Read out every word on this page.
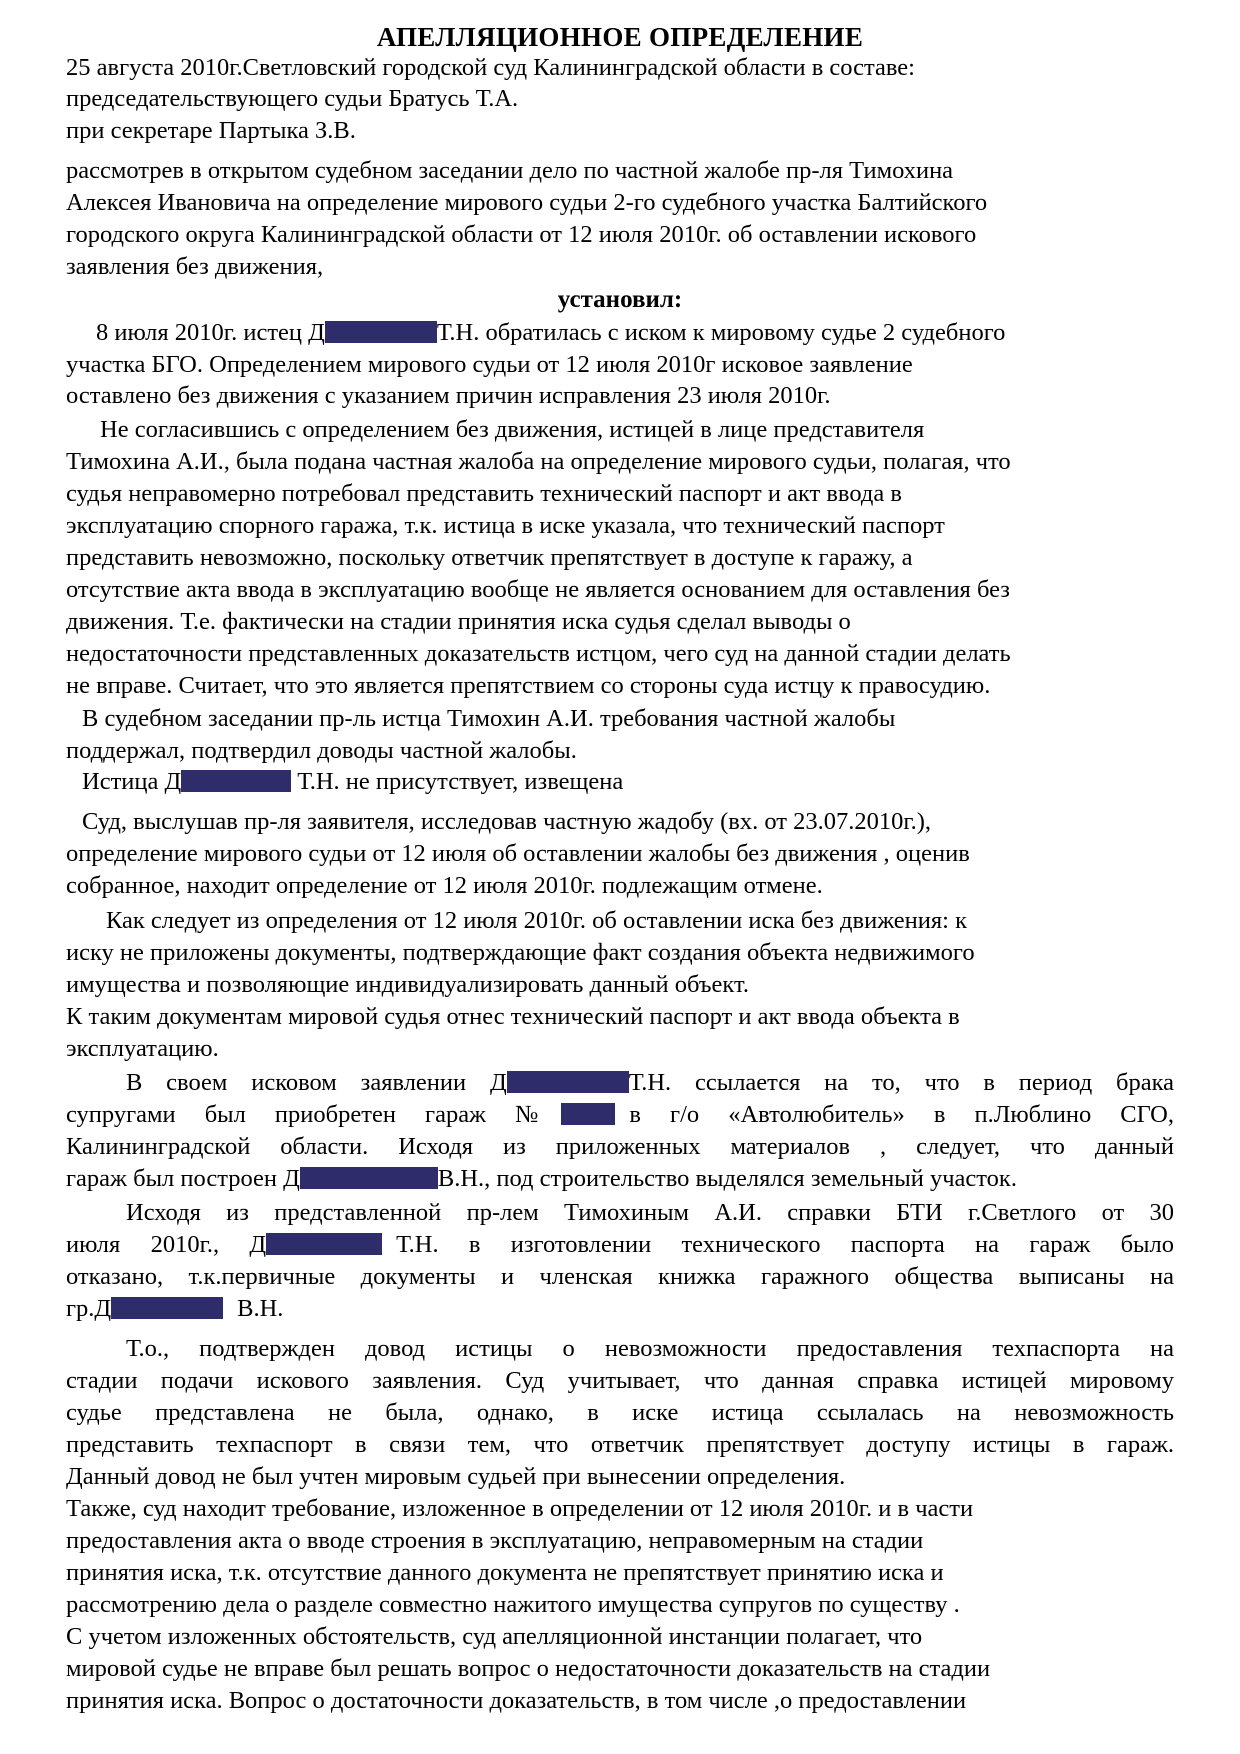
АПЕЛЛЯЦИОННОЕ ОПРЕДЕЛЕНИЕ
25 августа 2010г.Светловский городской суд Калининградской области в составе:
председательствующего судьи Братусь Т.А.
при секретаре Партыка З.В.
рассмотрев в открытом судебном заседании дело по частной жалобе пр-ля Тимохина
Алексея Ивановича на определение мирового судьи 2-го судебного участка Балтийского
городского округа Калининградской области от 12 июля 2010г. об оставлении искового
заявления без движения,
установил:
8 июля 2010г. истец Д	Т.Н. обратилась с иском к мировому судье 2 судебного
участка БГО. Определением мирового судьи от 12 июля 2010г исковое заявление
оставлено без движения с указанием причин исправления 23 июля 2010г.
Не согласившись с определением без движения, истицей в лице представителя
Тимохина А.И., была подана частная жалоба на определение мирового судьи, полагая, что
судья неправомерно потребовал представить технический паспорт и акт ввода в
эксплуатацию спорного гаража, т.к. истица в иске указала, что технический паспорт
представить невозможно, поскольку ответчик препятствует в доступе к гаражу, а
отсутствие акта ввода в эксплуатацию вообще не является основанием для оставления без
движения. Т.е. фактически на стадии принятия иска судья сделал выводы о
недостаточности представленных доказательств истцом, чего суд на данной стадии делать
не вправе. Считает, что это является препятствием со стороны суда истцу к правосудию.
В судебном заседании пр-ль истца Тимохин А.И. требования частной жалобы
поддержал, подтвердил доводы частной жалобы.
Истица Д	Т.Н. не присутствует, извещена
Суд, выслушав пр-ля заявителя, исследовав частную жадобу (вх. от 23.07.2010г.),
определение мирового судьи от 12 июля об оставлении жалобы без движения , оценив
собранное, находит определение от 12 июля 2010г. подлежащим отмене.
Как следует из определения от 12 июля 2010г. об оставлении иска без движения: к
иску не приложены документы, подтверждающие факт создания объекта недвижимого
имущества и позволяющие индивидуализировать данный объект.
К таким документам мировой судья отнес технический паспорт и акт ввода объекта в
эксплуатацию.
В своем исковом заявлении Д	Т.Н. ссылается на то, что в период брака
супругами был приобретен гараж №	в г/о «Автолюбитель» в п.Люблино СГО,
Калининградской области. Исходя из приложенных материалов , следует, что данный
гараж был построен Д	В.Н., под строительство выделялся земельный участок.
Исходя из представленной пр-лем Тимохиным А.И. справки БТИ г.Светлого от 30
июля 2010г., Д	Т.Н. в изготовлении технического паспорта на гараж было
отказано, т.к.первичные документы и членская книжка гаражного общества выписаны на
гр.Д	В.Н.
Т.о., подтвержден довод истицы о невозможности предоставления техпаспорта на
стадии подачи искового заявления. Суд учитывает, что данная справка истицей мировому
судье представлена не была, однако, в иске истица ссылалась на невозможность
представить техпаспорт в связи тем, что ответчик препятствует доступу истицы в гараж.
Данный довод не был учтен мировым судьей при вынесении определения.
Также, суд находит требование, изложенное в определении от 12 июля 2010г. и в части
предоставления акта о вводе строения в эксплуатацию, неправомерным на стадии
принятия иска, т.к. отсутствие данного документа не препятствует принятию иска и
рассмотрению дела о разделе совместно нажитого имущества супругов по существу .
С учетом изложенных обстоятельств, суд апелляционной инстанции полагает, что
мировой судье не вправе был решать вопрос о недостаточности доказательств на стадии
принятия иска. Вопрос о достаточности доказательств, в том числе ,о предоставлении
